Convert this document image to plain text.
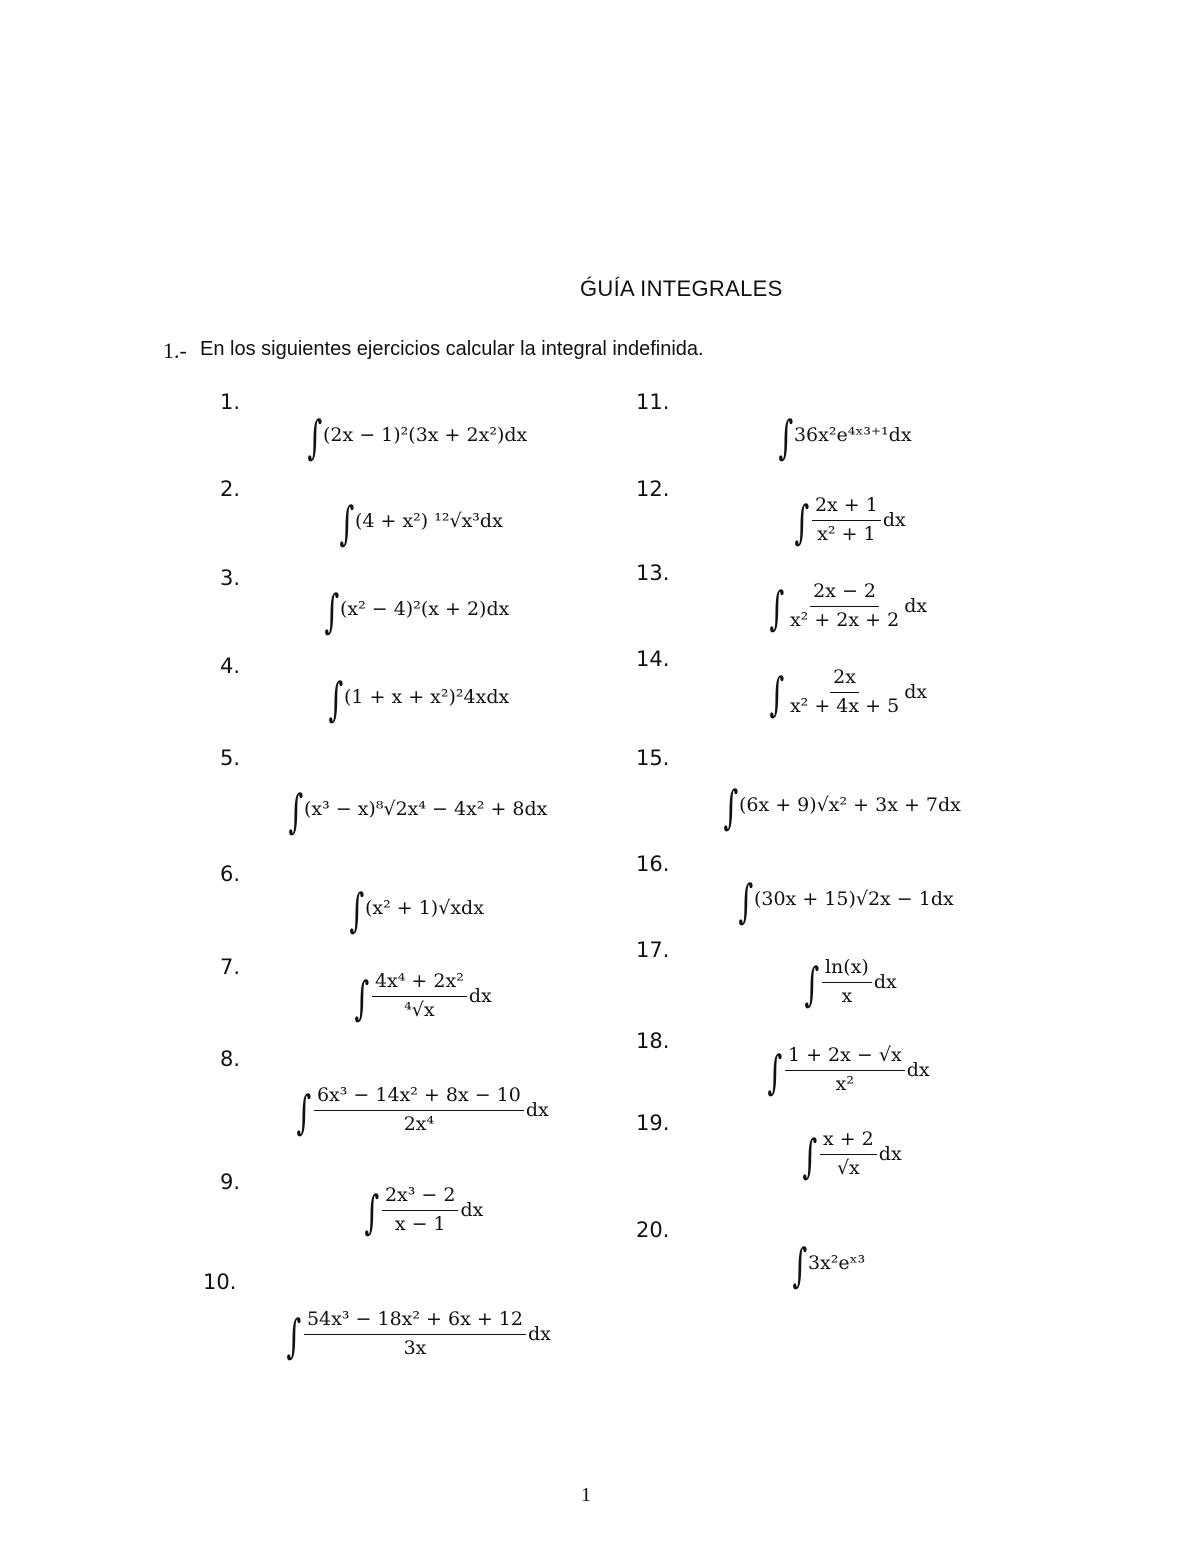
ǴUÍA INTEGRALES
1.- En los siguientes ejercicios calcular la integral indefinida.
1.
∫ (2x − 1)²(3x + 2x²)dx
2.
∫ (4 + x²) ¹²√x³dx
3.
∫ (x² − 4)²(x + 2)dx
4.
∫ (1 + x + x²)²4xdx
5.
∫ (x³ − x)⁸√2x⁴ − 4x² + 8dx
6.
∫ (x² + 1)√xdx
7.
∫ $\frac{\text{4x⁴ + 2x²}}{\text{⁴√x}}$ dx
8.
∫ $\frac{\text{6x³ − 14x² + 8x − 10}}{\text{2x⁴}}$ dx
9.
∫ $\frac{\text{2x³ − 2}}{x - 1}$ dx
10.
∫ $\frac{\text{54x³ − 18x² + 6x + 12}}{3x}$ dx
11.
∫ 36x²e⁴ˣ³⁺¹dx
12.
∫ $\frac{2x + 1}{\text{x² + 1}}$ dx
13.
∫ $\frac{2x - 2}{\text{x² + 2x + 2}}$ dx
14.
∫ $\frac{2x}{\text{x² + 4x + 5}}$ dx
15.
∫ (6x + 9)√x² + 3x + 7dx
16.
∫ (30x + 15)√2x − 1dx
17.
∫ $\frac{\ln(x)}{x}$ dx
18.
∫ $\frac{1 + 2x - √x}{\text{x²}}$ dx
19.
∫ $\frac{x + 2}{√x}$ dx
20.
∫ 3x²eˣ³
1
